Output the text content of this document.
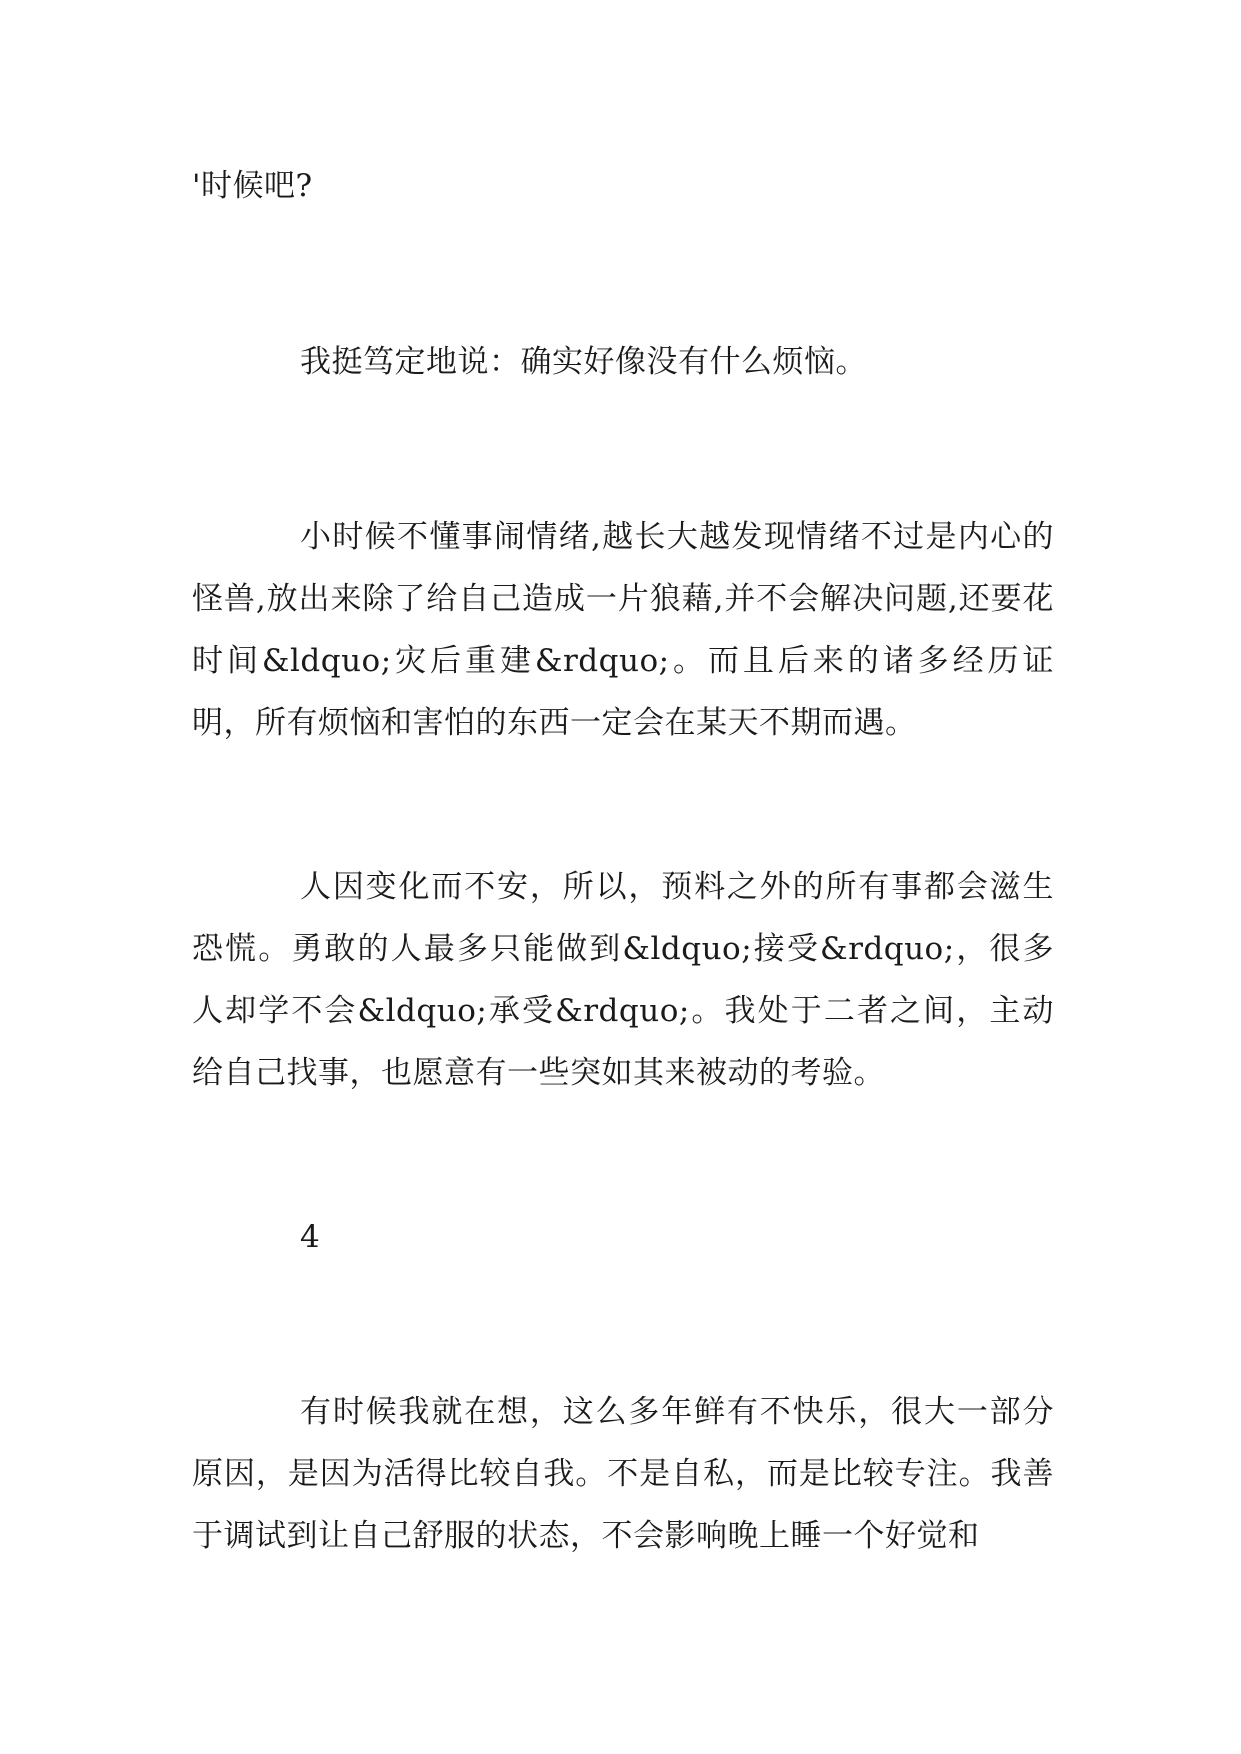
'时候吧?

我挺笃定地说：确实好像没有什么烦恼。

小时候不懂事闹情绪,越长大越发现情绪不过是内心的怪兽,放出来除了给自己造成一片狼藉,并不会解决问题,还要花时间&ldquo;灾后重建&rdquo;。而且后来的诸多经历证明，所有烦恼和害怕的东西一定会在某天不期而遇。

人因变化而不安，所以，预料之外的所有事都会滋生恐慌。勇敢的人最多只能做到&ldquo;接受&rdquo;，很多人却学不会&ldquo;承受&rdquo;。我处于二者之间，主动给自己找事，也愿意有一些突如其来被动的考验。

4

有时候我就在想，这么多年鲜有不快乐，很大一部分原因，是因为活得比较自我。不是自私，而是比较专注。我善于调试到让自己舒服的状态，不会影响晚上睡一个好觉和
